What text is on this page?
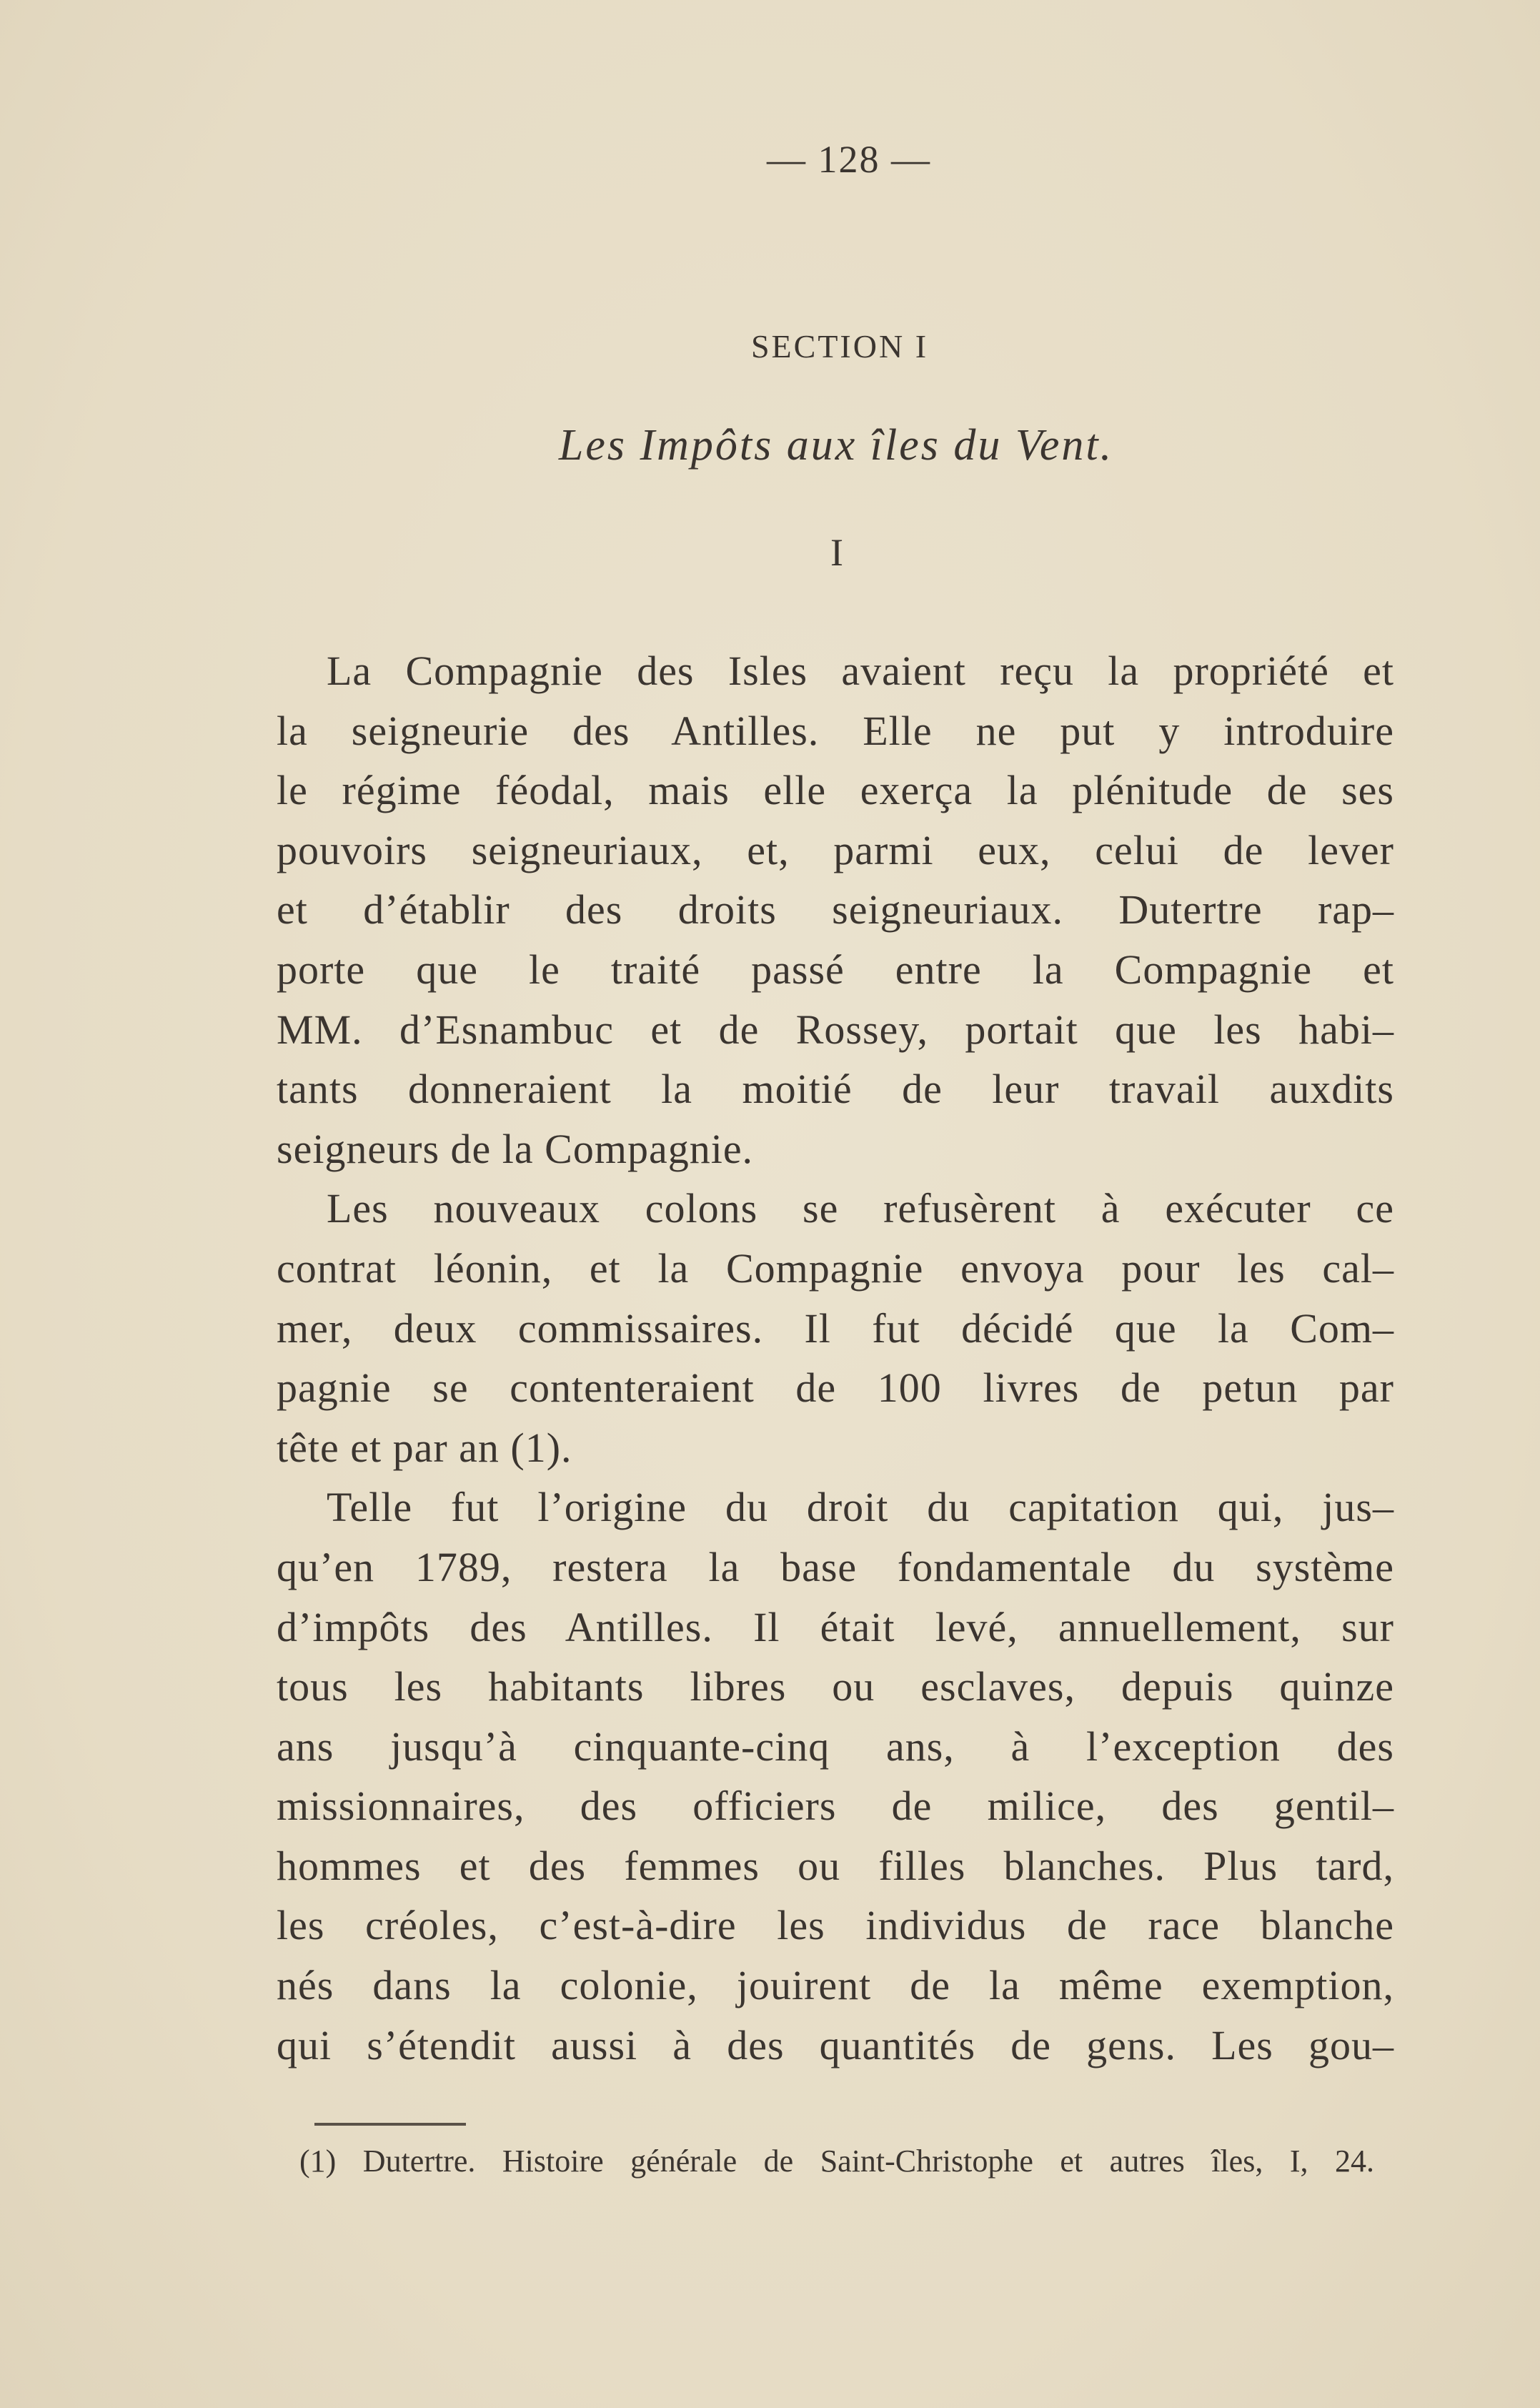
— 128 —
SECTION I
Les Impôts aux îles du Vent.
I
La Compagnie des Isles avaient reçu la propriété et
la seigneurie des Antilles. Elle ne put y introduire
le régime féodal, mais elle exerça la plénitude de ses
pouvoirs seigneuriaux, et, parmi eux, celui de lever
et d’établir des droits seigneuriaux. Dutertre rap–
porte que le traité passé entre la Compagnie et
MM. d’Esnambuc et de Rossey, portait que les habi–
tants donneraient la moitié de leur travail auxdits
seigneurs de la Compagnie.
Les nouveaux colons se refusèrent à exécuter ce
contrat léonin, et la Compagnie envoya pour les cal–
mer, deux commissaires. Il fut décidé que la Com–
pagnie se contenteraient de 100 livres de petun par
tête et par an (1).
Telle fut l’origine du droit du capitation qui, jus–
qu’en 1789, restera la base fondamentale du système
d’impôts des Antilles. Il était levé, annuellement, sur
tous les habitants libres ou esclaves, depuis quinze
ans jusqu’à cinquante-cinq ans, à l’exception des
missionnaires, des officiers de milice, des gentil–
hommes et des femmes ou filles blanches. Plus tard,
les créoles, c’est-à-dire les individus de race blanche
nés dans la colonie, jouirent de la même exemption,
qui s’étendit aussi à des quantités de gens. Les gou–
(1) Dutertre. Histoire générale de Saint-Christophe et autres îles, I, 24.
